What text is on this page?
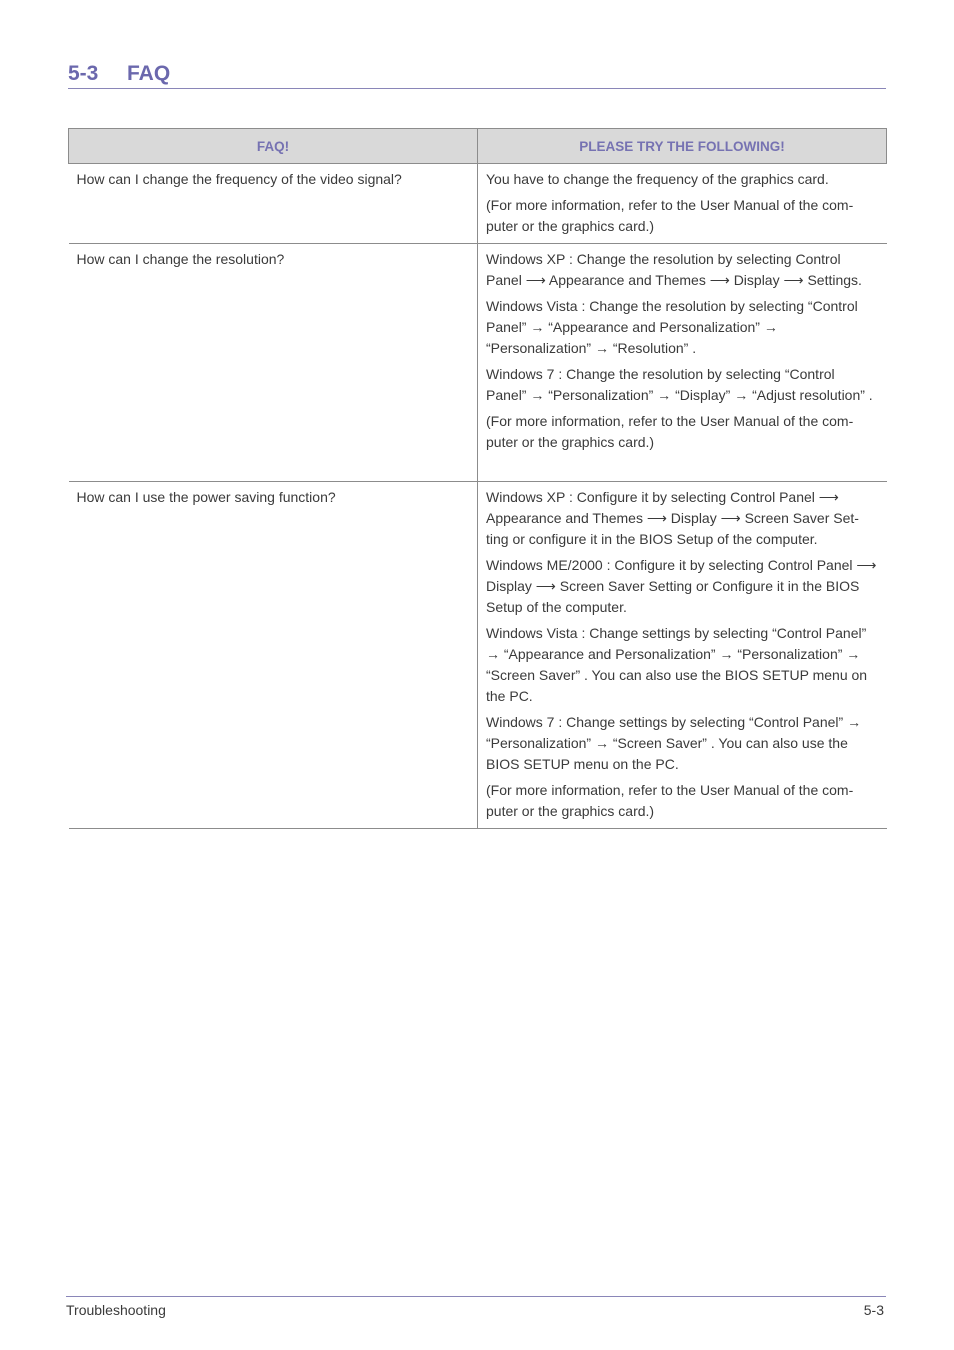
5-3 FAQ
FAQ!	PLEASE TRY THE FOLLOWING!
How can I change the frequency of the video signal?	You have to change the frequency of the graphics card.
(For more information, refer to the User Manual of the com-puter or the graphics card.)

How can I change the resolution?	Windows XP : Change the resolution by selecting Control Panel ⟶ Appearance and Themes ⟶ Display ⟶ Settings.
Windows Vista : Change the resolution by selecting “Control Panel” → “Appearance and Personalization” → “Personalization” → “Resolution” .
Windows 7 : Change the resolution by selecting “Control Panel” → “Personalization” → “Display” → “Adjust resolution” .
(For more information, refer to the User Manual of the com-puter or the graphics card.)

How can I use the power saving function?	Windows XP : Configure it by selecting Control Panel ⟶ Appearance and Themes ⟶ Display ⟶ Screen Saver Set-ting or configure it in the BIOS Setup of the computer.
Windows ME/2000 : Configure it by selecting Control Panel ⟶ Display ⟶ Screen Saver Setting or Configure it in the BIOS Setup of the computer.
Windows Vista : Change settings by selecting “Control Panel” → “Appearance and Personalization” → “Personalization” → “Screen Saver” . You can also use the BIOS SETUP menu on the PC.
Windows 7 : Change settings by selecting “Control Panel” → “Personalization” → “Screen Saver” . You can also use the BIOS SETUP menu on the PC.
(For more information, refer to the User Manual of the com-puter or the graphics card.)
Troubleshooting	5-3
